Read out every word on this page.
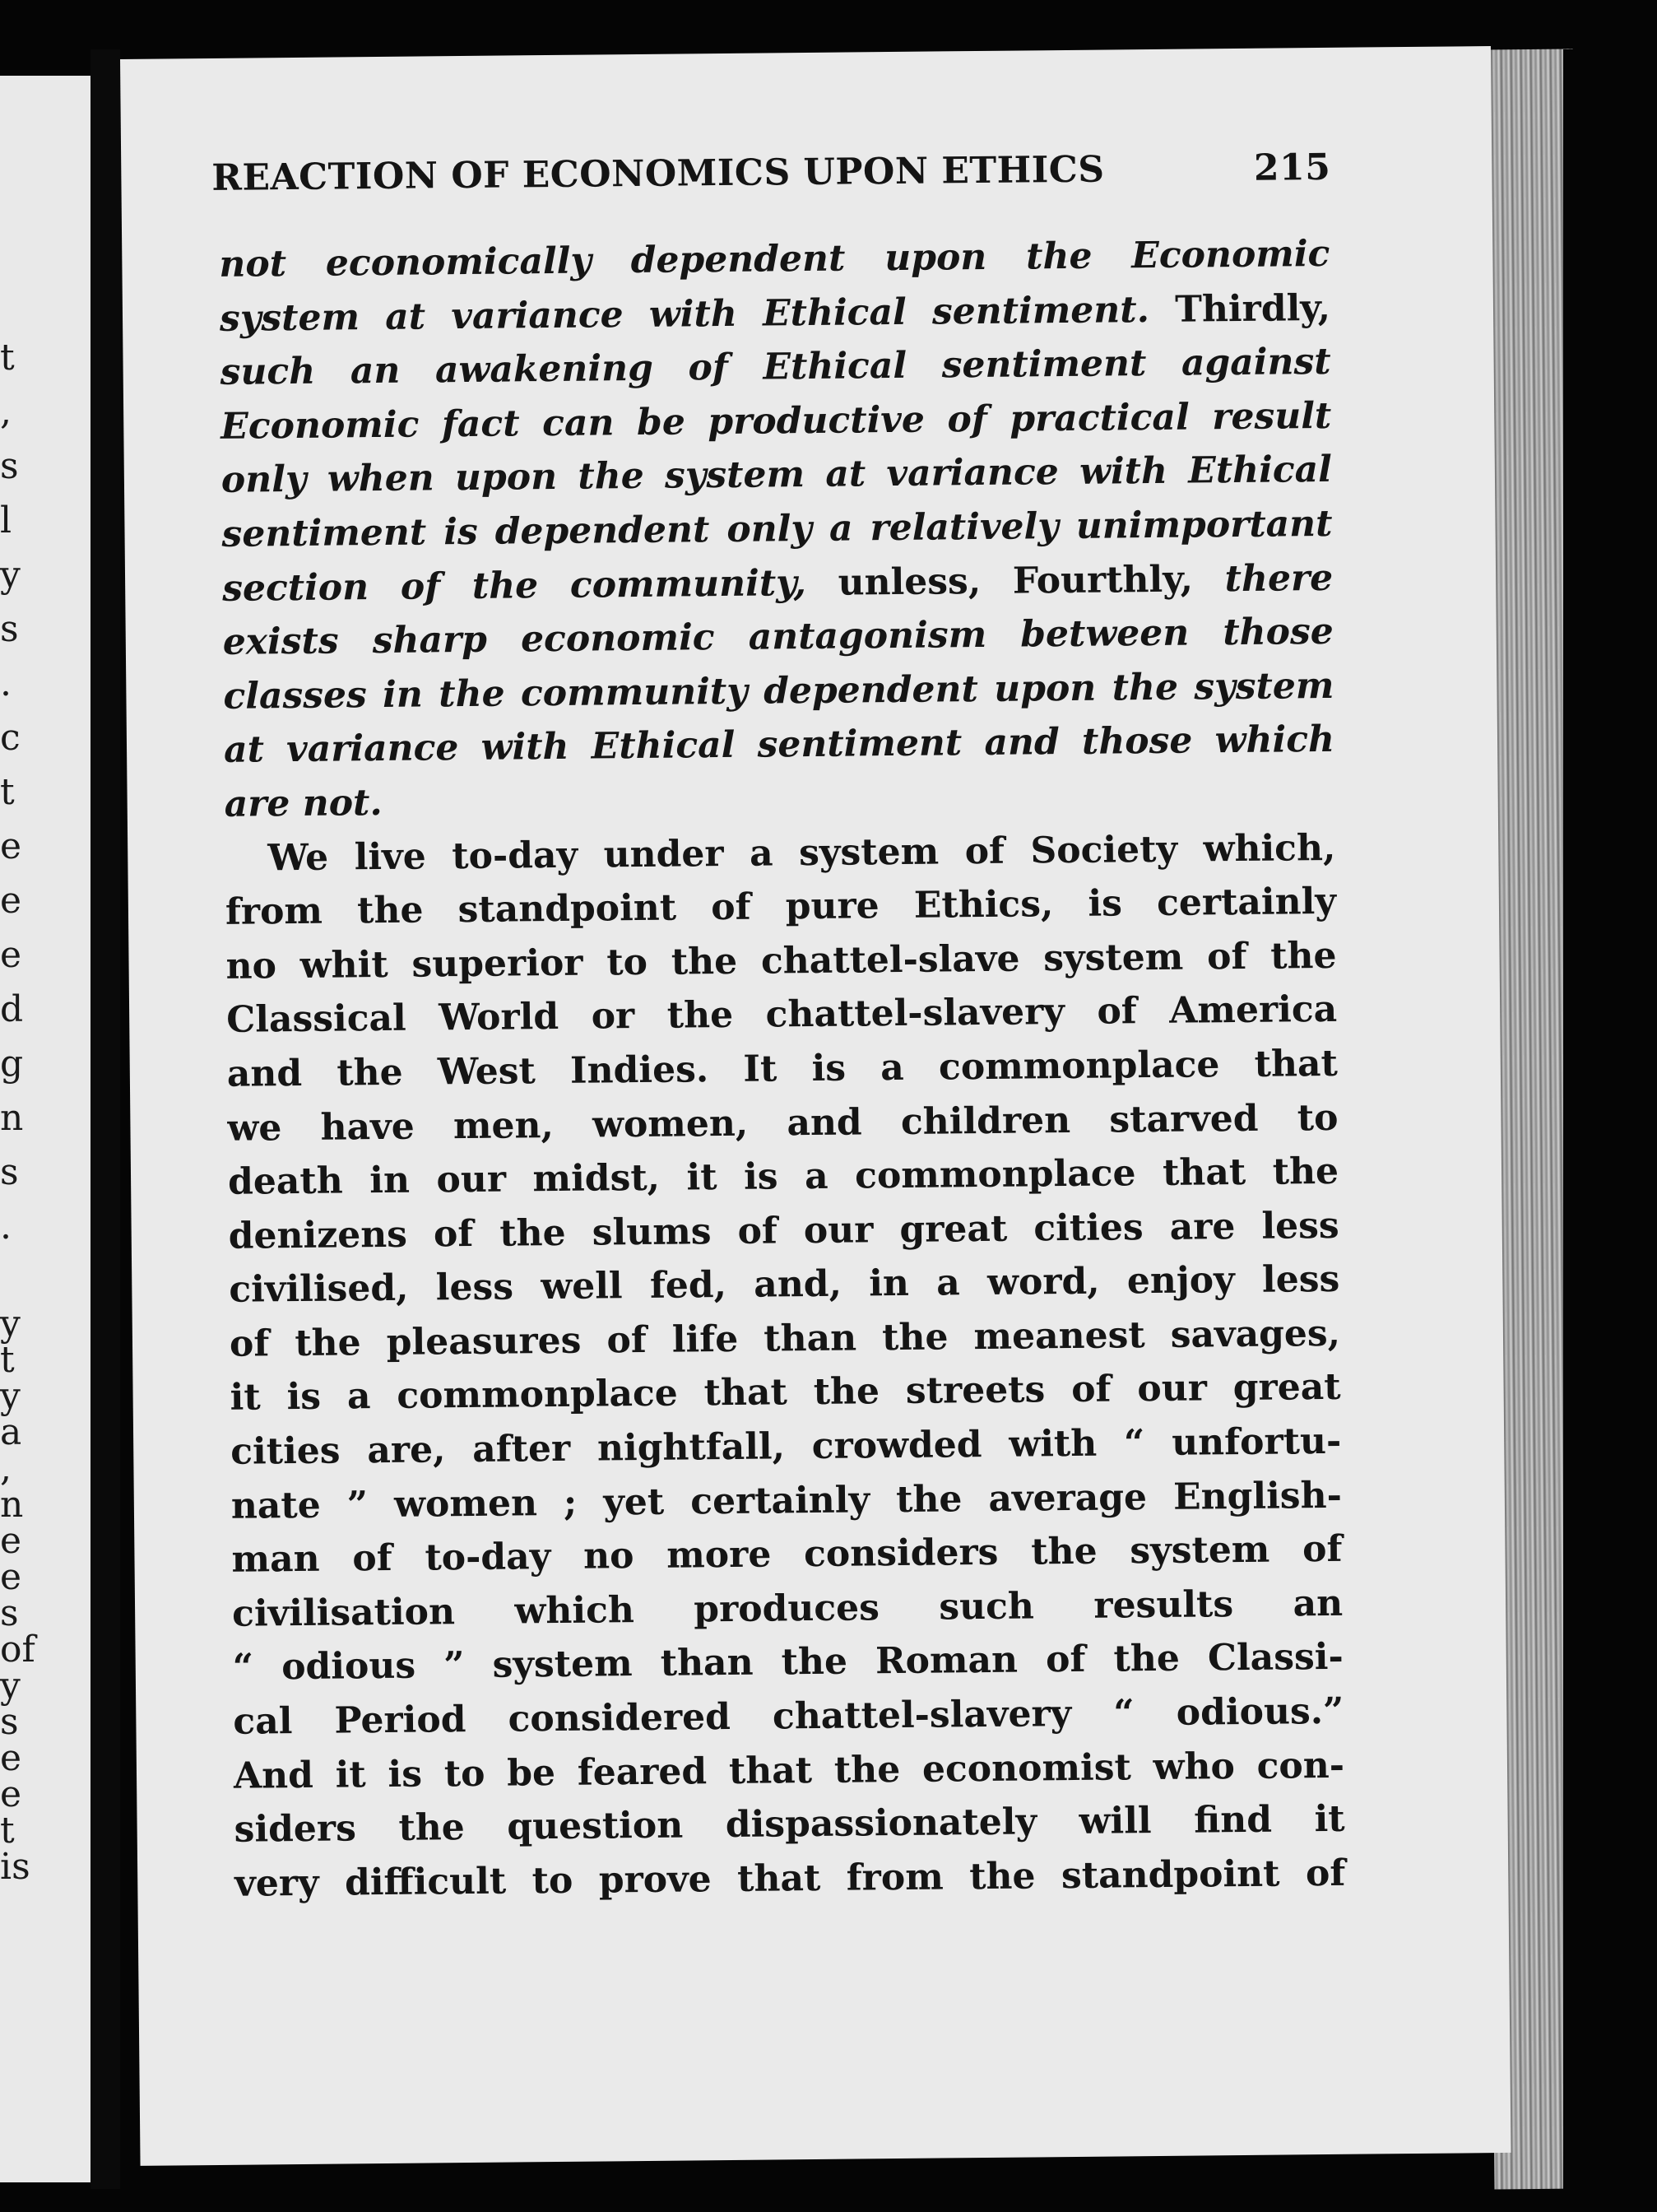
t
,
s
l
y
s
.
c
t
e
e
e
d
g
n
s
.
y
t
y
a
,
n
e
e
s
of
y
s
e
e
t
is
REACTION OF ECONOMICS UPON ETHICS	215
not economically dependent upon the Economic
system at variance with Ethical sentiment. Thirdly,
such an awakening of Ethical sentiment against
Economic fact can be productive of practical result
only when upon the system at variance with Ethical
sentiment is dependent only a relatively unimportant
section of the community, unless, Fourthly, there
exists sharp economic antagonism between those
classes in the community dependent upon the system
at variance with Ethical sentiment and those which
are not.
We live to-day under a system of Society which,
from the standpoint of pure Ethics, is certainly
no whit superior to the chattel-slave system of the
Classical World or the chattel-slavery of America
and the West Indies. It is a commonplace that
we have men, women, and children starved to
death in our midst, it is a commonplace that the
denizens of the slums of our great cities are less
civilised, less well fed, and, in a word, enjoy less
of the pleasures of life than the meanest savages,
it is a commonplace that the streets of our great
cities are, after nightfall, crowded with “ unfortu-
nate ” women ; yet certainly the average English-
man of to-day no more considers the system of
civilisation which produces such results an
“ odious ” system than the Roman of the Classi-
cal Period considered chattel-slavery “ odious.”
And it is to be feared that the economist who con-
siders the question dispassionately will find it
very difficult to prove that from the standpoint of
